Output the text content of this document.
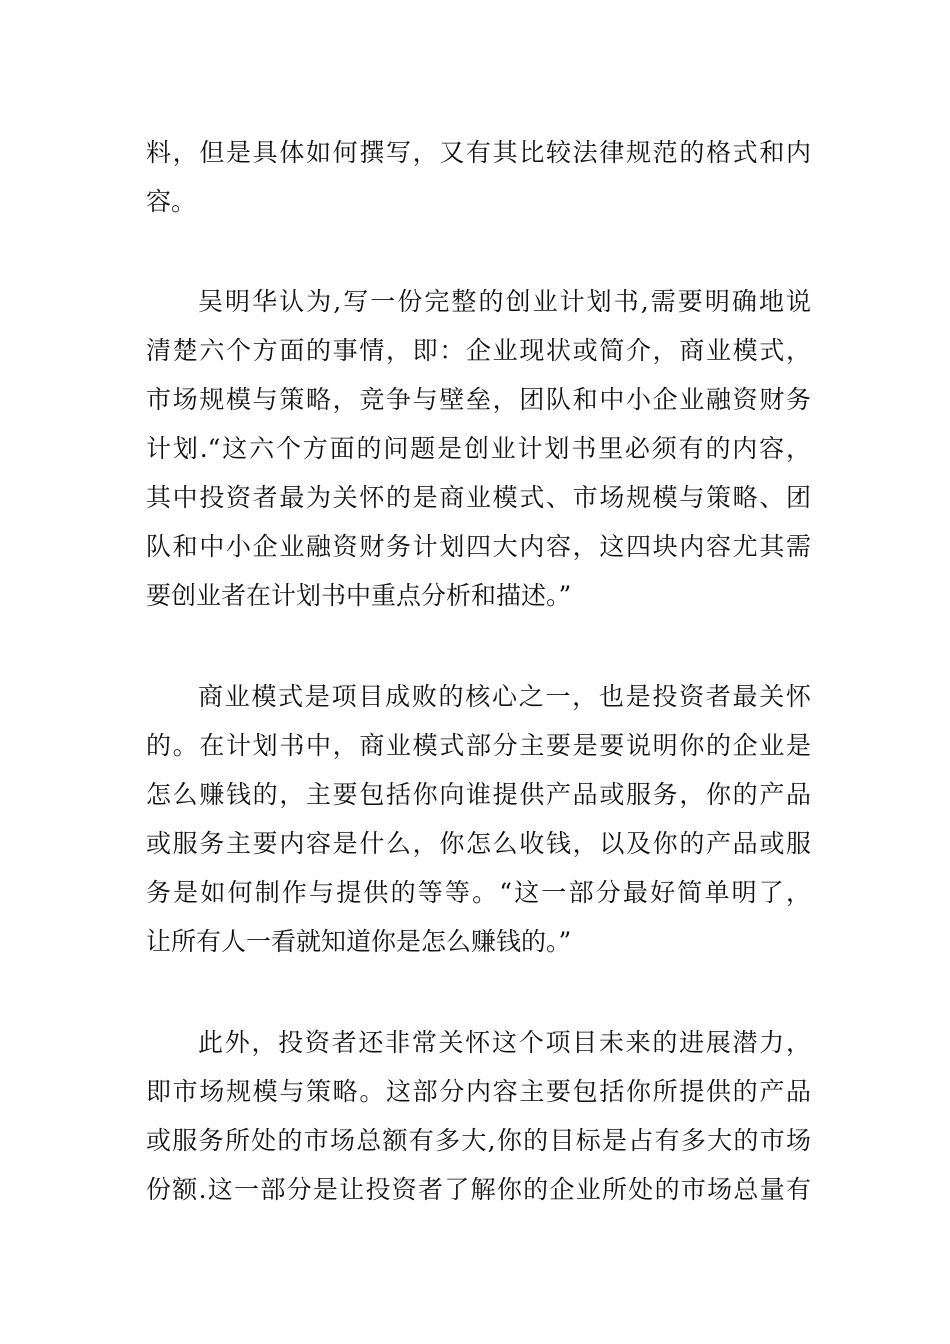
料，但是具体如何撰写，又有其比较法律规范的格式和内
容。
吴明华认为,写一份完整的创业计划书,需要明确地说
清楚六个方面的事情，即：企业现状或简介，商业模式，
市场规模与策略，竞争与壁垒，团队和中小企业融资财务
计划.“这六个方面的问题是创业计划书里必须有的内容，
其中投资者最为关怀的是商业模式、市场规模与策略、团
队和中小企业融资财务计划四大内容，这四块内容尤其需
要创业者在计划书中重点分析和描述。”
商业模式是项目成败的核心之一，也是投资者最关怀
的。在计划书中，商业模式部分主要是要说明你的企业是
怎么赚钱的，主要包括你向谁提供产品或服务，你的产品
或服务主要内容是什么，你怎么收钱，以及你的产品或服
务是如何制作与提供的等等。“这一部分最好简单明了，
让所有人一看就知道你是怎么赚钱的。”
此外，投资者还非常关怀这个项目未来的进展潜力，
即市场规模与策略。这部分内容主要包括你所提供的产品
或服务所处的市场总额有多大,你的目标是占有多大的市场
份额.这一部分是让投资者了解你的企业所处的市场总量有
